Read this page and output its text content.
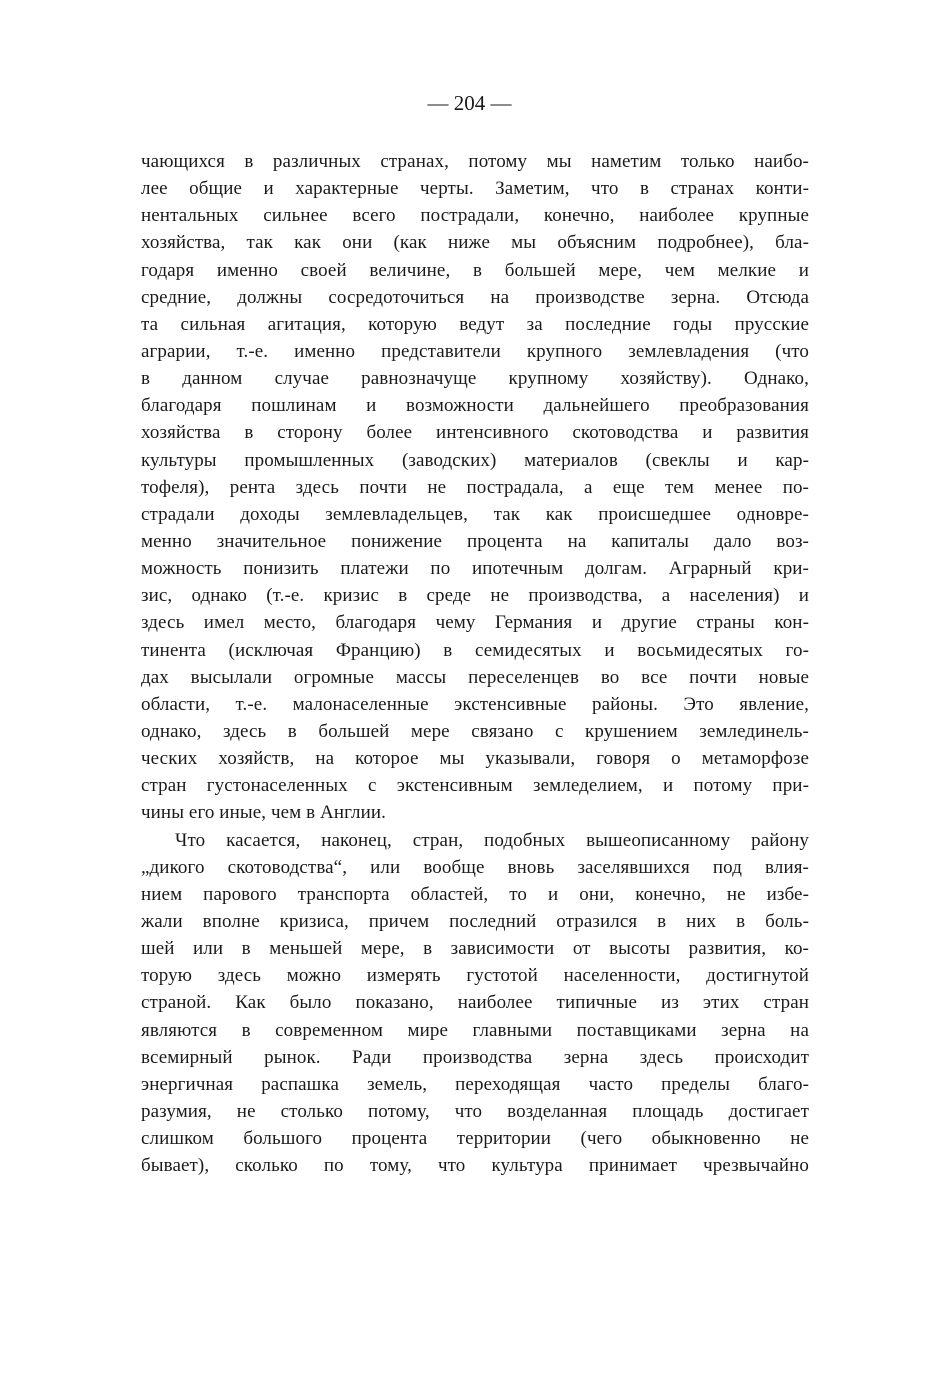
— 204 —
чающихся в различных странах, потому мы наметим только наибо-
лее общие и характерные черты. Заметим, что в странах конти-
нентальных сильнее всего пострадали, конечно, наиболее крупные
хозяйства, так как они (как ниже мы объясним подробнее), бла-
годаря именно своей величине, в большей мере, чем мелкие и
средние, должны сосредоточиться на производстве зерна. Отсюда
та сильная агитация, которую ведут за последние годы прусские
аграрии, т.-е. именно представители крупного землевладения (что
в данном случае равнозначуще крупному хозяйству). Однако,
благодаря пошлинам и возможности дальнейшего преобразования
хозяйства в сторону более интенсивного скотоводства и развития
культуры промышленных (заводских) материалов (свеклы и кар-
тофеля), рента здесь почти не пострадала, а еще тем менее по-
страдали доходы землевладельцев, так как происшедшее одновре-
менно значительное понижение процента на капиталы дало воз-
можность понизить платежи по ипотечным долгам. Аграрный кри-
зис, однако (т.-е. кризис в среде не производства, а населения) и
здесь имел место, благодаря чему Германия и другие страны кон-
тинента (исключая Францию) в семидесятых и восьмидесятых го-
дах высылали огромные массы переселенцев во все почти новые
области, т.-е. малонаселенные экстенсивные районы. Это явление,
однако, здесь в большей мере связано с крушением землединель-
ческих хозяйств, на которое мы указывали, говоря о метаморфозе
стран густонаселенных с экстенсивным земледелием, и потому при-
чины его иные, чем в Англии.
Что касается, наконец, стран, подобных вышеописанному району
„дикого скотоводства“, или вообще вновь заселявшихся под влия-
нием парового транспорта областей, то и они, конечно, не избе-
жали вполне кризиса, причем последний отразился в них в боль-
шей или в меньшей мере, в зависимости от высоты развития, ко-
торую здесь можно измерять густотой населенности, достигнутой
страной. Как было показано, наиболее типичные из этих стран
являются в современном мире главными поставщиками зерна на
всемирный рынок. Ради производства зерна здесь происходит
энергичная распашка земель, переходящая часто пределы благо-
разумия, не столько потому, что возделанная площадь достигает
слишком большого процента территории (чего обыкновенно не
бывает), сколько по тому, что культура принимает чрезвычайно
